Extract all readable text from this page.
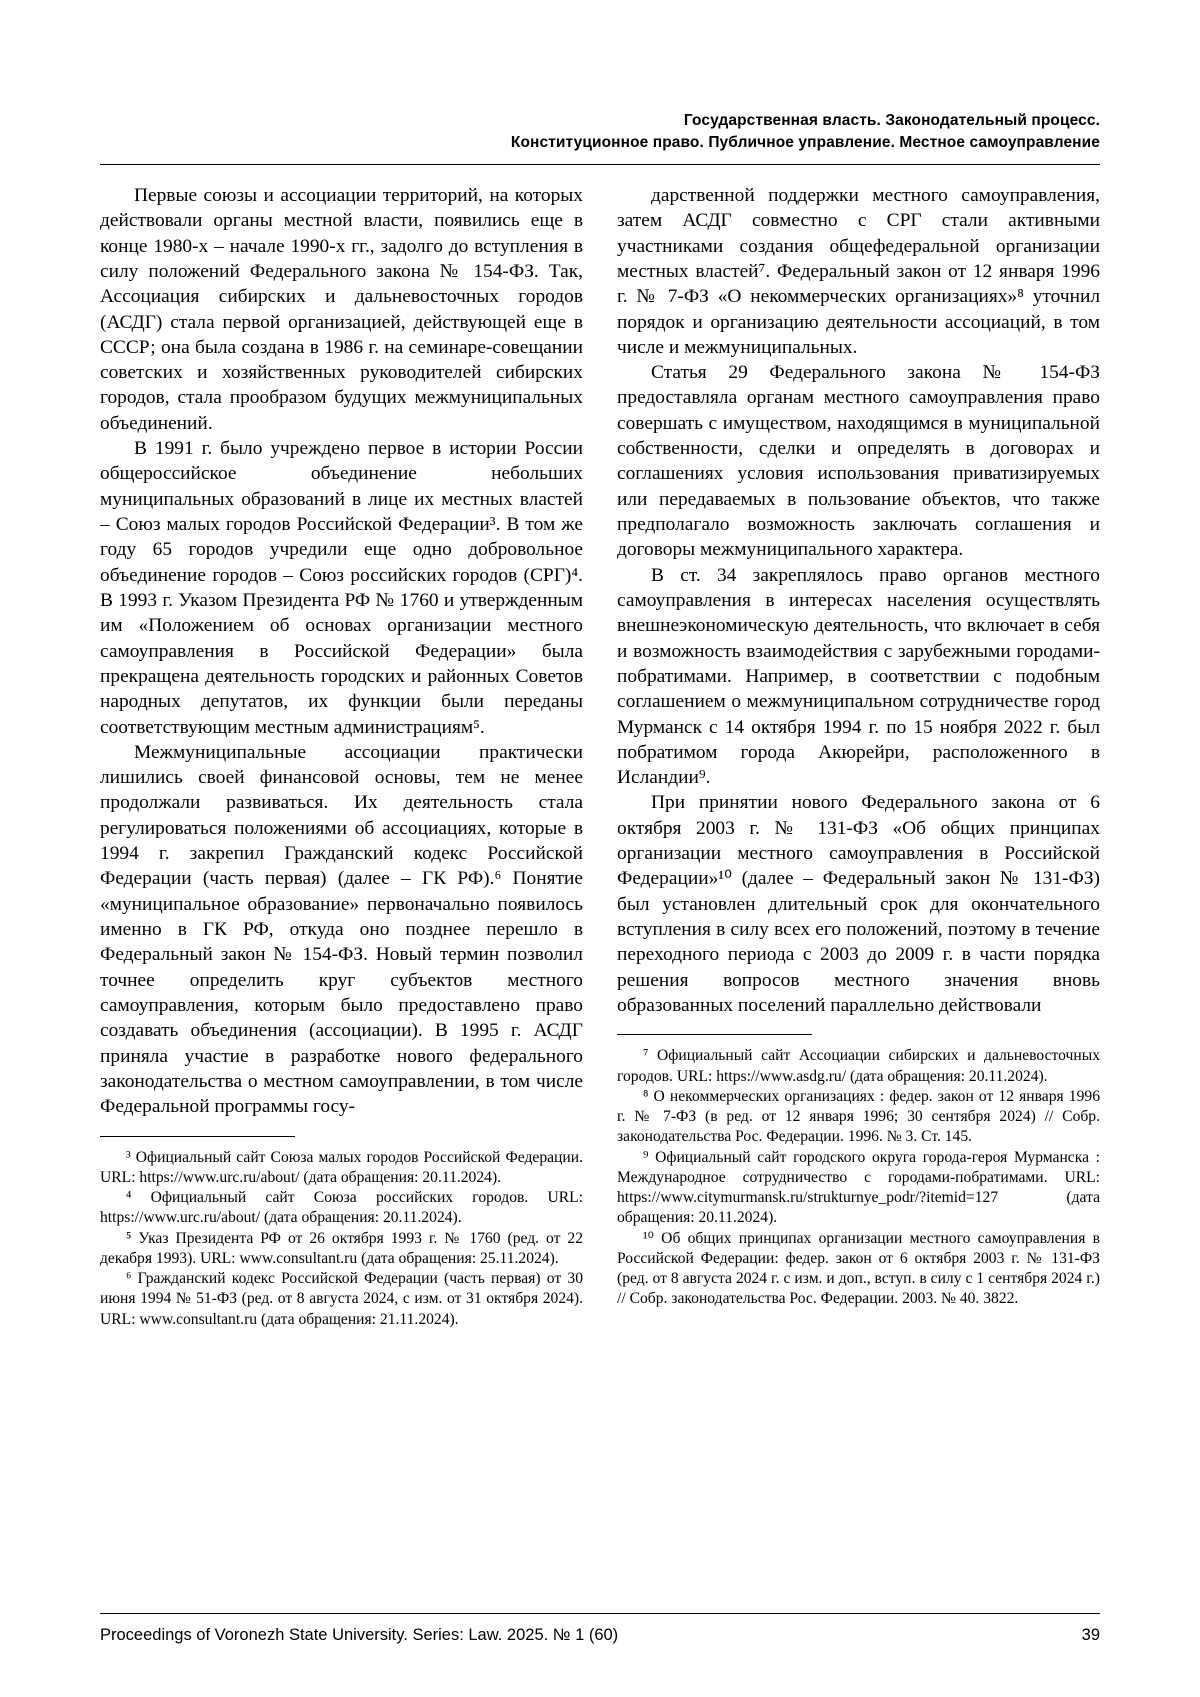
Государственная власть. Законодательный процесс.
Конституционное право. Публичное управление. Местное самоуправление

Первые союзы и ассоциации территорий, на которых действовали органы местной власти, появились еще в конце 1980-х – начале 1990-х гг., задолго до вступления в силу положений Федерального закона № 154-ФЗ. Так, Ассоциация сибирских и дальневосточных городов (АСДГ) стала первой организацией, действующей еще в СССР; она была создана в 1986 г. на семинаре-совещании советских и хозяйственных руководителей сибирских городов, стала прообразом будущих межмуниципальных объединений.

В 1991 г. было учреждено первое в истории России общероссийское объединение небольших муниципальных образований в лице их местных властей – Союз малых городов Российской Федерации³. В том же году 65 городов учредили еще одно добровольное объединение городов – Союз российских городов (СРГ)⁴. В 1993 г. Указом Президента РФ № 1760 и утвержденным им «Положением об основах организации местного самоуправления в Российской Федерации» была прекращена деятельность городских и районных Советов народных депутатов, их функции были переданы соответствующим местным администрациям⁵.

Межмуниципальные ассоциации практически лишились своей финансовой основы, тем не менее продолжали развиваться. Их деятельность стала регулироваться положениями об ассоциациях, которые в 1994 г. закрепил Гражданский кодекс Российской Федерации (часть первая) (далее – ГК РФ).⁶ Понятие «муниципальное образование» первоначально появилось именно в ГК РФ, откуда оно позднее перешло в Федеральный закон № 154-ФЗ. Новый термин позволил точнее определить круг субъектов местного самоуправления, которым было предоставлено право создавать объединения (ассоциации). В 1995 г. АСДГ приняла участие в разработке нового федерального законодательства о местном самоуправлении, в том числе Федеральной программы госу-

³ Официальный сайт Союза малых городов Российской Федерации. URL: https://www.urc.ru/about/ (дата обращения: 20.11.2024).

⁴ Официальный сайт Союза российских городов. URL: https://www.urc.ru/about/ (дата обращения: 20.11.2024).

⁵ Указ Президента РФ от 26 октября 1993 г. № 1760 (ред. от 22 декабря 1993). URL: www.consultant.ru (дата обращения: 25.11.2024).

⁶ Гражданский кодекс Российской Федерации (часть первая) от 30 июня 1994 № 51-ФЗ (ред. от 8 августа 2024, с изм. от 31 октября 2024). URL: www.consultant.ru (дата обращения: 21.11.2024).

дарственной поддержки местного самоуправления, затем АСДГ совместно с СРГ стали активными участниками создания общефедеральной организации местных властей⁷. Федеральный закон от 12 января 1996 г. № 7-ФЗ «О некоммерческих организациях»⁸ уточнил порядок и организацию деятельности ассоциаций, в том числе и межмуниципальных.

Статья 29 Федерального закона № 154-ФЗ предоставляла органам местного самоуправления право совершать с имуществом, находящимся в муниципальной собственности, сделки и определять в договорах и соглашениях условия использования приватизируемых или передаваемых в пользование объектов, что также предполагало возможность заключать соглашения и договоры межмуниципального характера.

В ст. 34 закреплялось право органов местного самоуправления в интересах населения осуществлять внешнеэкономическую деятельность, что включает в себя и возможность взаимодействия с зарубежными городами-побратимами. Например, в соответствии с подобным соглашением о межмуниципальном сотрудничестве город Мурманск с 14 октября 1994 г. по 15 ноября 2022 г. был побратимом города Акюрейри, расположенного в Исландии⁹.

При принятии нового Федерального закона от 6 октября 2003 г. № 131-ФЗ «Об общих принципах организации местного самоуправления в Российской Федерации»¹⁰ (далее – Федеральный закон № 131-ФЗ) был установлен длительный срок для окончательного вступления в силу всех его положений, поэтому в течение переходного периода с 2003 до 2009 г. в части порядка решения вопросов местного значения вновь образованных поселений параллельно действовали

⁷ Официальный сайт Ассоциации сибирских и дальневосточных городов. URL: https://www.asdg.ru/ (дата обращения: 20.11.2024).

⁸ О некоммерческих организациях : федер. закон от 12 января 1996 г. № 7-ФЗ (в ред. от 12 января 1996; 30 сентября 2024) // Собр. законодательства Рос. Федерации. 1996. № 3. Ст. 145.

⁹ Официальный сайт городского округа города-героя Мурманска : Международное сотрудничество с городами-побратимами. URL: https://www.citymurmansk.ru/strukturnye_podr/?itemid=127 (дата обращения: 20.11.2024).

¹⁰ Об общих принципах организации местного самоуправления в Российской Федерации: федер. закон от 6 октября 2003 г. № 131-ФЗ (ред. от 8 августа 2024 г. с изм. и доп., вступ. в силу с 1 сентября 2024 г.) // Собр. законодательства Рос. Федерации. 2003. № 40. 3822.

Proceedings of Voronezh State University. Series: Law. 2025. № 1 (60)	39
